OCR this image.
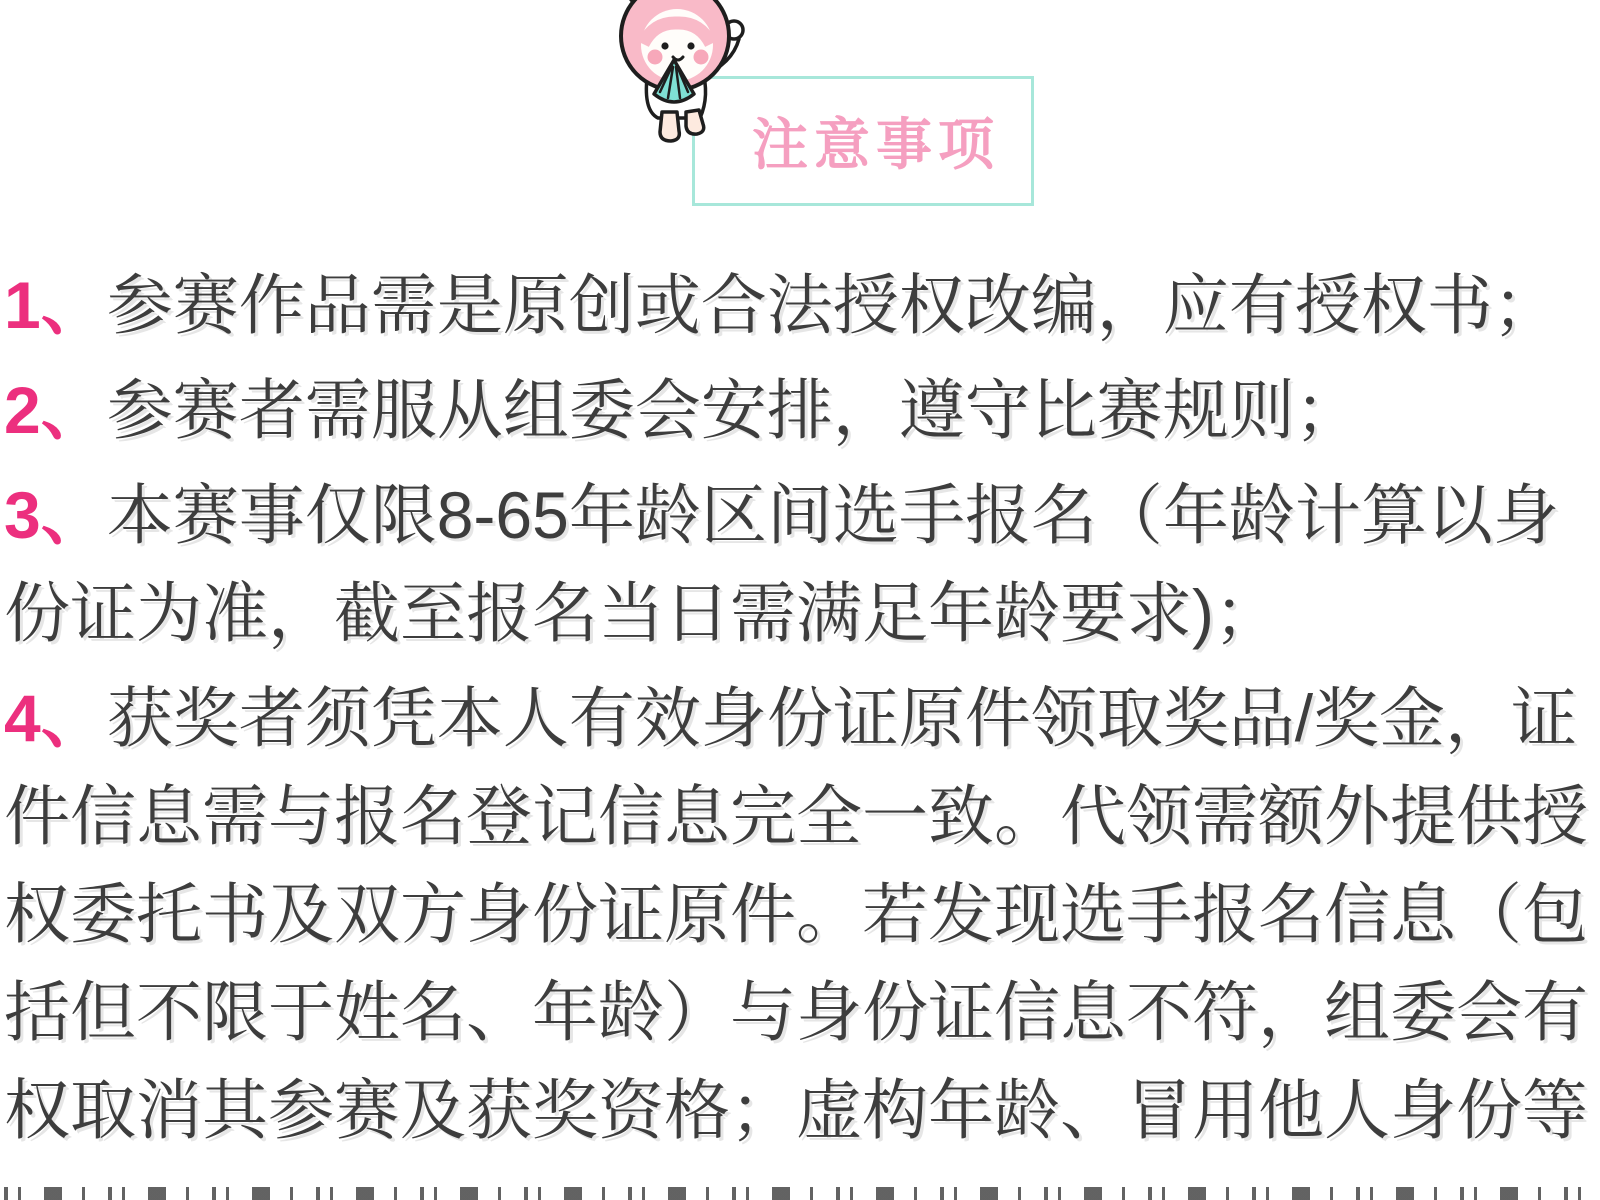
注意事项

1、参赛作品需是原创或合法授权改编，应有授权书；

2、参赛者需服从组委会安排，遵守比赛规则；

3、本赛事仅限8-65年龄区间选手报名（年龄计算以身份证为准，截至报名当日需满足年龄要求)；

4、获奖者须凭本人有效身份证原件领取奖品/奖金，证件信息需与报名登记信息完全一致。代领需额外提供授权委托书及双方身份证原件。若发现选手报名信息（包括但不限于姓名、年龄）与身份证信息不符，组委会有权取消其参赛及获奖资格；虚构年龄、冒用他人身份等
